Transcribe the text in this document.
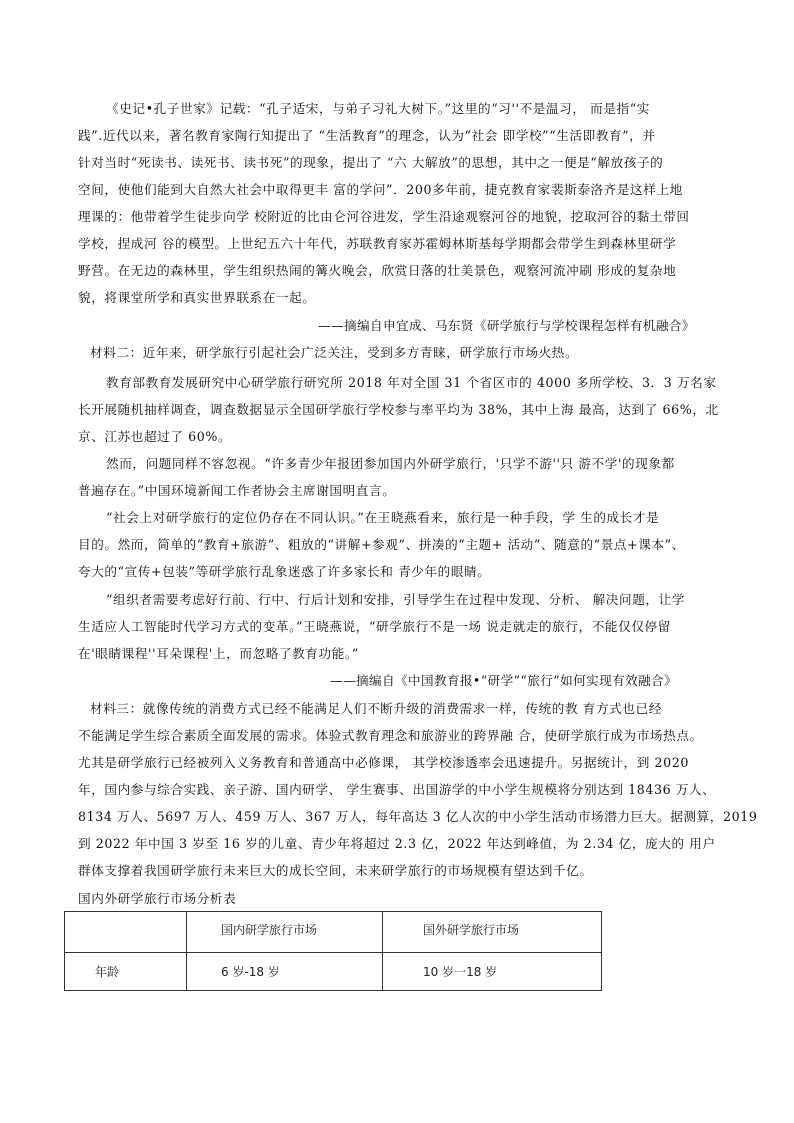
《史记•孔子世家》记载：“孔子适宋，与弟子习礼大树下。”这里的“习''不是温习， 而是指“实
践”.近代以来，著名教育家陶行知提出了 “生活教育”的理念，认为“社会 即学校”“生活即教育”，并
针对当时“死读书、读死书、读书死”的现象，提出了 “六 大解放”的思想，其中之一便是“解放孩子的
空间，使他们能到大自然大社会中取得更丰 富的学问”．200多年前，捷克教育家裴斯泰洛齐是这样上地
理课的：他带着学生徒步向学 校附近的比由仑河谷进发，学生沿途观察河谷的地貌，挖取河谷的黏土带回
学校，捏成河 谷的模型。上世纪五六十年代，苏联教育家苏霍姆林斯基每学期都会带学生到森林里研学
野营。在无边的森林里，学生组织热闹的篝火晚会，欣赏日落的壮美景色，观察河流冲刷 形成的复杂地
貌，将课堂所学和真实世界联系在一起。
——摘编自申宜成、马东贤《研学旅行与学校课程怎样有机融合》
材料二：近年来，研学旅行引起社会广泛关注，受到多方青睐，研学旅行市场火热。
教育部教育发展研究中心研学旅行研究所 2018 年对全国 31 个省区市的 4000 多所学校、3．3 万名家
长开展随机抽样调查，调查数据显示全国研学旅行学校参与率平均为 38%，其中上海 最高，达到了 66%，北
京、江苏也超过了 60%。
然而，问题同样不容忽视。“许多青少年报团参加国内外研学旅行，'只学不游''只 游不学'的现象都
普遍存在。”中国环境新闻工作者协会主席谢国明直言。
“社会上对研学旅行的定位仍存在不同认识。”在王晓燕看来，旅行是一种手段，学 生的成长才是
目的。然而，简单的“教育+旅游”、粗放的“讲解+参观”、拼凑的“主题+ 活动”、随意的“景点+课本”、
夸大的“宣传+包装”等研学旅行乱象迷惑了许多家长和 青少年的眼睛。
“组织者需要考虑好行前、行中、行后计划和安排，引导学生在过程中发现、分析、 解决问题，让学
生适应人工智能时代学习方式的变革。”王晓燕说，“研学旅行不是一场 说走就走的旅行，不能仅仅停留
在'眼睛课程''耳朵课程'上，而忽略了教育功能。”
——摘编自《中国教育报•“研学”“旅行”如何实现有效融合》
材料三：就像传统的消费方式已经不能满足人们不断升级的消费需求一样，传统的教 育方式也已经
不能满足学生综合素质全面发展的需求。体验式教育理念和旅游业的跨界融 合，使研学旅行成为市场热点。
尤其是研学旅行已经被列入义务教育和普通高中必修课， 其学校渗透率会迅速提升。另据统计，到 2020
年，国内参与综合实践、亲子游、国内研学、 学生赛事、出国游学的中小学生规模将分别达到 18436 万人、
8134 万人、5697 万人、459 万人、367 万人，每年高达 3 亿人次的中小学生活动市场潜力巨大。据测算，2019
到 2022 年中国 3 岁至 16 岁的儿童、青少年将超过 2.3 亿，2022 年达到峰值，为 2.34 亿，庞大的 用户
群体支撑着我国研学旅行未来巨大的成长空间，未来研学旅行的市场规模有望达到千亿。
国内外研学旅行市场分析表
	国内研学旅行市场	国外研学旅行市场
年龄	6 岁-18 岁	10 岁一18 岁
